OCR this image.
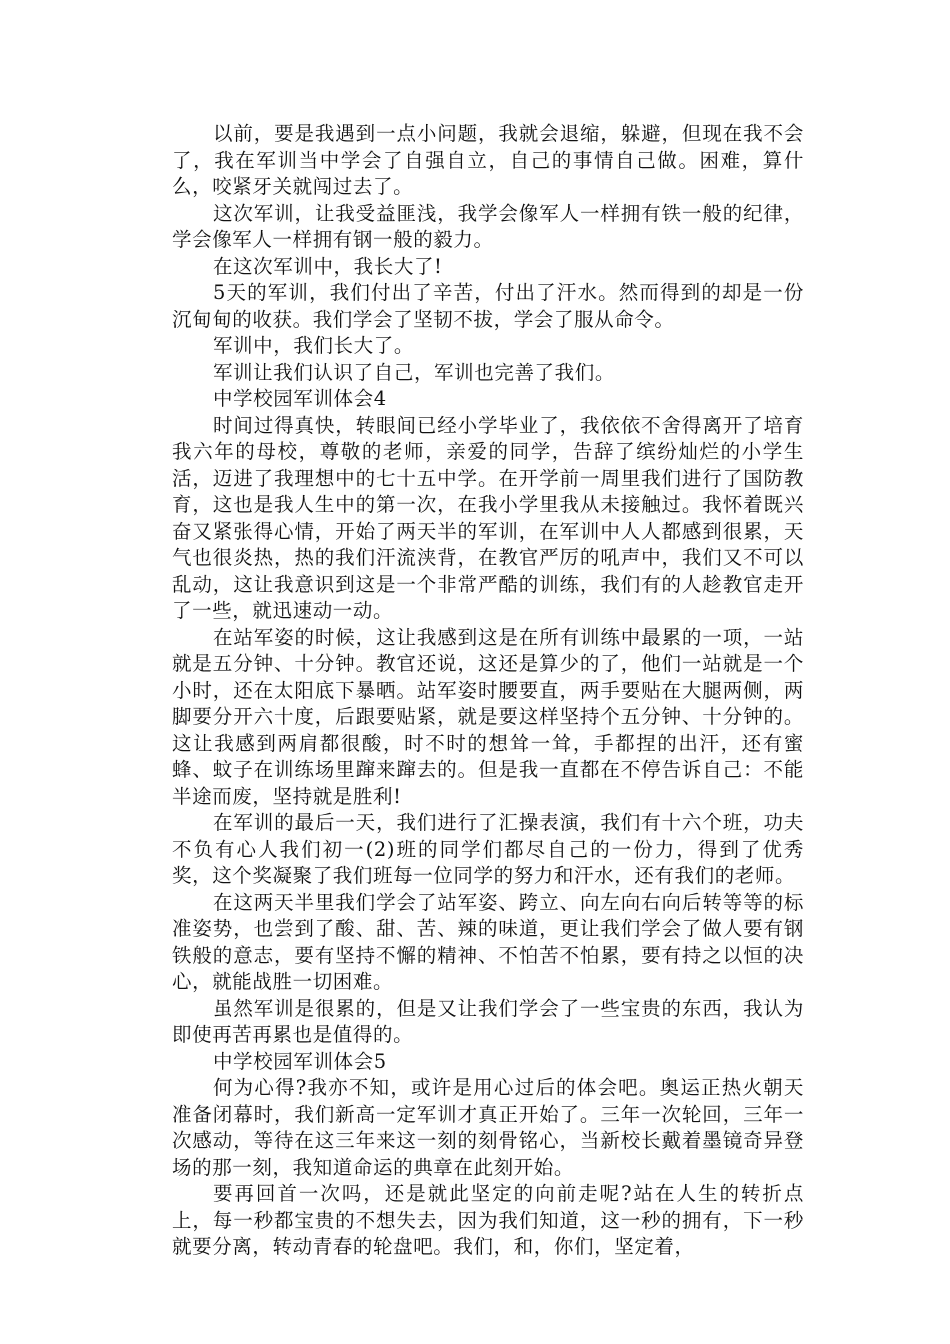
以前，要是我遇到一点小问题，我就会退缩，躲避，但现在我不会了，我在军训当中学会了自强自立，自己的事情自己做。困难，算什么，咬紧牙关就闯过去了。

这次军训，让我受益匪浅，我学会像军人一样拥有铁一般的纪律，学会像军人一样拥有钢一般的毅力。

在这次军训中，我长大了!

5天的军训，我们付出了辛苦，付出了汗水。然而得到的却是一份沉甸甸的收获。我们学会了坚韧不拔，学会了服从命令。

军训中，我们长大了。

军训让我们认识了自己，军训也完善了我们。

中学校园军训体会4

时间过得真快，转眼间已经小学毕业了，我依依不舍得离开了培育我六年的母校，尊敬的老师，亲爱的同学，告辞了缤纷灿烂的小学生活，迈进了我理想中的七十五中学。在开学前一周里我们进行了国防教育，这也是我人生中的第一次，在我小学里我从未接触过。我怀着既兴奋又紧张得心情，开始了两天半的军训，在军训中人人都感到很累，天气也很炎热，热的我们汗流浃背，在教官严厉的吼声中，我们又不可以乱动，这让我意识到这是一个非常严酷的训练，我们有的人趁教官走开了一些，就迅速动一动。

在站军姿的时候，这让我感到这是在所有训练中最累的一项，一站就是五分钟、十分钟。教官还说，这还是算少的了，他们一站就是一个小时，还在太阳底下暴晒。站军姿时腰要直，两手要贴在大腿两侧，两脚要分开六十度，后跟要贴紧，就是要这样坚持个五分钟、十分钟的。这让我感到两肩都很酸，时不时的想耸一耸，手都捏的出汗，还有蜜蜂、蚊子在训练场里蹿来蹿去的。但是我一直都在不停告诉自己：不能半途而废，坚持就是胜利!

在军训的最后一天，我们进行了汇操表演，我们有十六个班，功夫不负有心人我们初一(2)班的同学们都尽自己的一份力，得到了优秀奖，这个奖凝聚了我们班每一位同学的努力和汗水，还有我们的老师。

在这两天半里我们学会了站军姿、跨立、向左向右向后转等等的标准姿势，也尝到了酸、甜、苦、辣的味道，更让我们学会了做人要有钢铁般的意志，要有坚持不懈的精神、不怕苦不怕累，要有持之以恒的决心，就能战胜一切困难。

虽然军训是很累的，但是又让我们学会了一些宝贵的东西，我认为即使再苦再累也是值得的。

中学校园军训体会5

何为心得?我亦不知，或许是用心过后的体会吧。奥运正热火朝天准备闭幕时，我们新高一定军训才真正开始了。三年一次轮回，三年一次感动，等待在这三年来这一刻的刻骨铭心，当新校长戴着墨镜奇异登场的那一刻，我知道命运的典章在此刻开始。

要再回首一次吗，还是就此坚定的向前走呢?站在人生的转折点上，每一秒都宝贵的不想失去，因为我们知道，这一秒的拥有，下一秒就要分离，转动青春的轮盘吧。我们，和，你们，坚定着，
